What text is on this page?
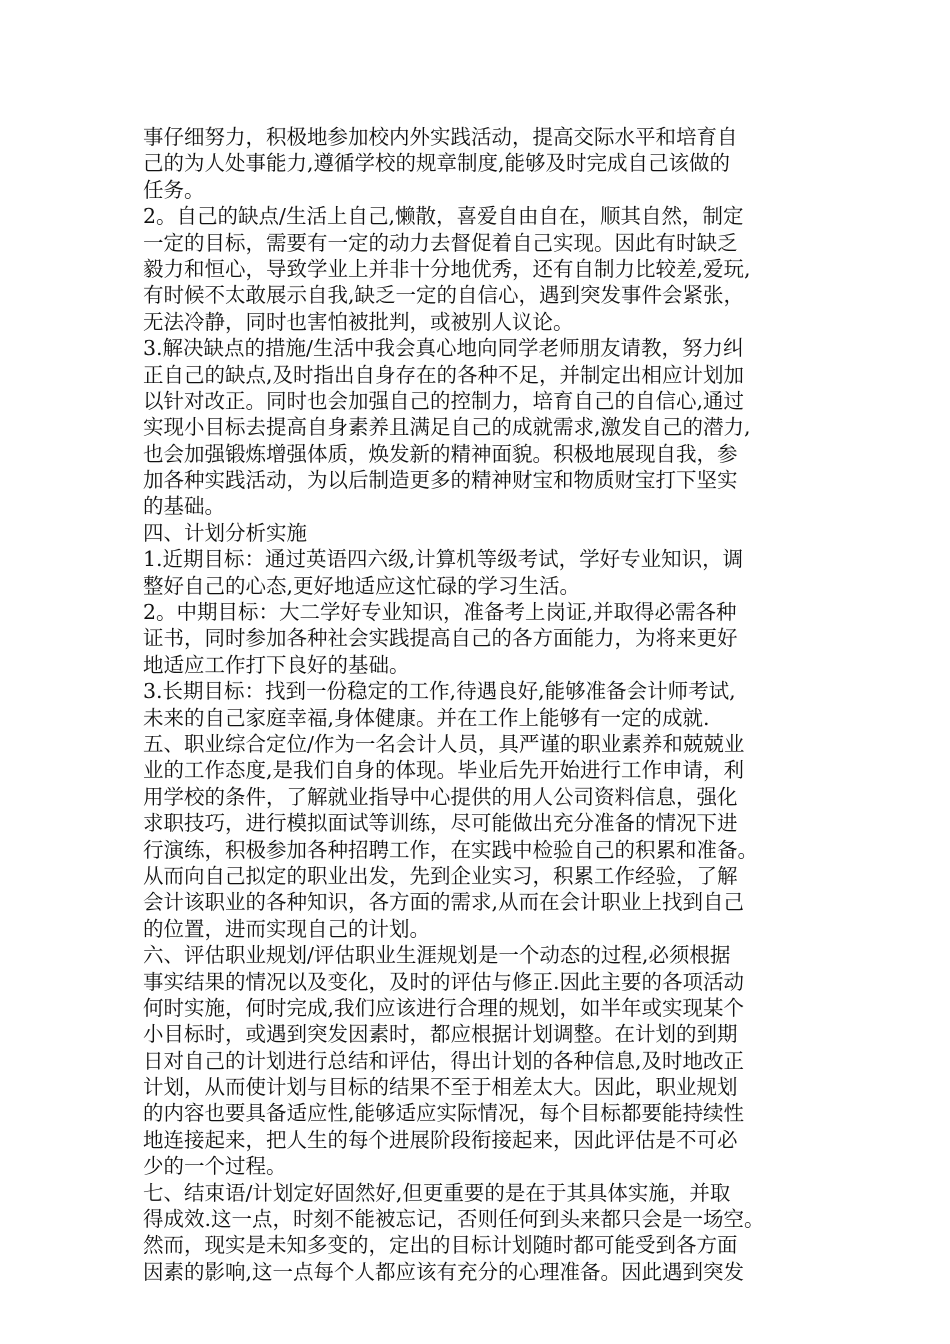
事仔细努力，积极地参加校内外实践活动，提高交际水平和培育自
己的为人处事能力,遵循学校的规章制度,能够及时完成自己该做的
任务。
2。自己的缺点/生活上自己,懒散，喜爱自由自在，顺其自然，制定
一定的目标，需要有一定的动力去督促着自己实现。因此有时缺乏
毅力和恒心，导致学业上并非十分地优秀，还有自制力比较差,爱玩,
有时候不太敢展示自我,缺乏一定的自信心，遇到突发事件会紧张，
无法冷静，同时也害怕被批判，或被别人议论。
3.解决缺点的措施/生活中我会真心地向同学老师朋友请教，努力纠
正自己的缺点,及时指出自身存在的各种不足，并制定出相应计划加
以针对改正。同时也会加强自己的控制力，培育自己的自信心,通过
实现小目标去提高自身素养且满足自己的成就需求,激发自己的潜力,
也会加强锻炼增强体质，焕发新的精神面貌。积极地展现自我，参
加各种实践活动，为以后制造更多的精神财宝和物质财宝打下坚实
的基础。
四、计划分析实施
1.近期目标：通过英语四六级,计算机等级考试，学好专业知识，调
整好自己的心态,更好地适应这忙碌的学习生活。
2。中期目标：大二学好专业知识，准备考上岗证,并取得必需各种
证书，同时参加各种社会实践提高自己的各方面能力，为将来更好
地适应工作打下良好的基础。
3.长期目标：找到一份稳定的工作,待遇良好,能够准备会计师考试,
未来的自己家庭幸福,身体健康。并在工作上能够有一定的成就.
五、职业综合定位/作为一名会计人员，具严谨的职业素养和兢兢业
业的工作态度,是我们自身的体现。毕业后先开始进行工作申请，利
用学校的条件，了解就业指导中心提供的用人公司资料信息，强化
求职技巧，进行模拟面试等训练，尽可能做出充分准备的情况下进
行演练，积极参加各种招聘工作，在实践中检验自己的积累和准备。
从而向自己拟定的职业出发，先到企业实习，积累工作经验，了解
会计该职业的各种知识，各方面的需求,从而在会计职业上找到自己
的位置，进而实现自己的计划。
六、评估职业规划/评估职业生涯规划是一个动态的过程,必须根据
事实结果的情况以及变化，及时的评估与修正.因此主要的各项活动
何时实施，何时完成,我们应该进行合理的规划，如半年或实现某个
小目标时，或遇到突发因素时，都应根据计划调整。在计划的到期
日对自己的计划进行总结和评估，得出计划的各种信息,及时地改正
计划，从而使计划与目标的结果不至于相差太大。因此，职业规划
的内容也要具备适应性,能够适应实际情况，每个目标都要能持续性
地连接起来，把人生的每个进展阶段衔接起来，因此评估是不可必
少的一个过程。
七、结束语/计划定好固然好,但更重要的是在于其具体实施，并取
得成效.这一点，时刻不能被忘记，否则任何到头来都只会是一场空。
然而，现实是未知多变的，定出的目标计划随时都可能受到各方面
因素的影响,这一点每个人都应该有充分的心理准备。因此遇到突发
